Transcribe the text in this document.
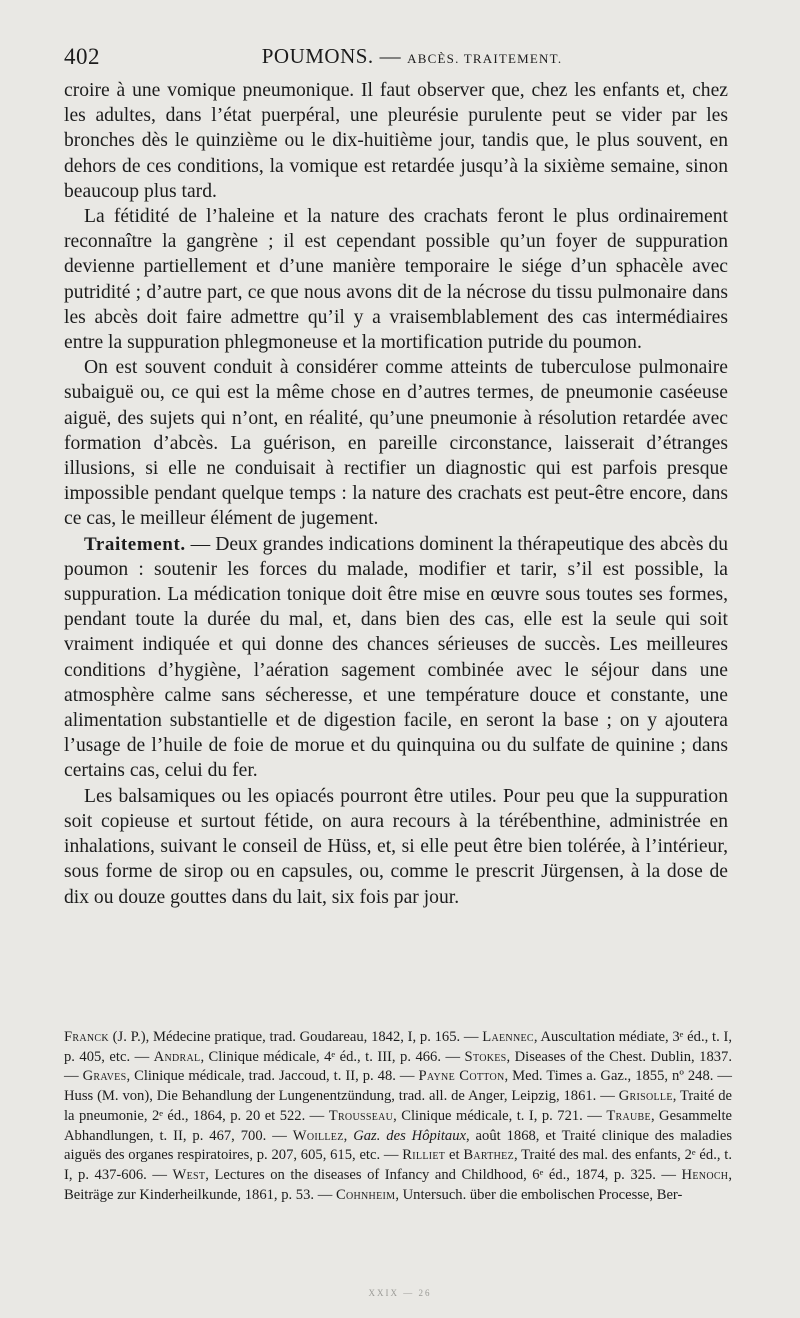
402	POUMONS. — ABCÈS. TRAITEMENT.

croire à une vomique pneumonique. Il faut observer que, chez les enfants et, chez les adultes, dans l’état puerpéral, une pleurésie purulente peut se vider par les bronches dès le quinzième ou le dix-huitième jour, tandis que, le plus souvent, en dehors de ces conditions, la vomique est retardée jusqu’à la sixième semaine, sinon beaucoup plus tard.

La fétidité de l’haleine et la nature des crachats feront le plus ordinairement reconnaître la gangrène ; il est cependant possible qu’un foyer de suppuration devienne partiellement et d’une manière temporaire le siége d’un sphacèle avec putridité ; d’autre part, ce que nous avons dit de la nécrose du tissu pulmonaire dans les abcès doit faire admettre qu’il y a vraisemblablement des cas intermédiaires entre la suppuration phlegmoneuse et la mortification putride du poumon.

On est souvent conduit à considérer comme atteints de tuberculose pulmonaire subaiguë ou, ce qui est la même chose en d’autres termes, de pneumonie caséeuse aiguë, des sujets qui n’ont, en réalité, qu’une pneumonie à résolution retardée avec formation d’abcès. La guérison, en pareille circonstance, laisserait d’étranges illusions, si elle ne conduisait à rectifier un diagnostic qui est parfois presque impossible pendant quelque temps : la nature des crachats est peut-être encore, dans ce cas, le meilleur élément de jugement.

Traitement. — Deux grandes indications dominent la thérapeutique des abcès du poumon : soutenir les forces du malade, modifier et tarir, s’il est possible, la suppuration. La médication tonique doit être mise en œuvre sous toutes ses formes, pendant toute la durée du mal, et, dans bien des cas, elle est la seule qui soit vraiment indiquée et qui donne des chances sérieuses de succès. Les meilleures conditions d’hygiène, l’aération sagement combinée avec le séjour dans une atmosphère calme sans sécheresse, et une température douce et constante, une alimentation substantielle et de digestion facile, en seront la base ; on y ajoutera l’usage de l’huile de foie de morue et du quinquina ou du sulfate de quinine ; dans certains cas, celui du fer.

Les balsamiques ou les opiacés pourront être utiles. Pour peu que la suppuration soit copieuse et surtout fétide, on aura recours à la térébenthine, administrée en inhalations, suivant le conseil de Hüss, et, si elle peut être bien tolérée, à l’intérieur, sous forme de sirop ou en capsules, ou, comme le prescrit Jürgensen, à la dose de dix ou douze gouttes dans du lait, six fois par jour.

Franck (J. P.), Médecine pratique, trad. Goudareau, 1842, I, p. 165. — Laennec, Auscultation médiate, 3ᵉ éd., t. I, p. 405, etc. — Andral, Clinique médicale, 4ᵉ éd., t. III, p. 466. — Stokes, Diseases of the Chest. Dublin, 1837. — Graves, Clinique médicale, trad. Jaccoud, t. II, p. 48. — Payne Cotton, Med. Times a. Gaz., 1855, nº 248. — Huss (M. von), Die Behandlung der Lungenentzündung, trad. all. de Anger, Leipzig, 1861. — Grisolle, Traité de la pneumonie, 2ᵉ éd., 1864, p. 20 et 522. — Trousseau, Clinique médicale, t. I, p. 721. — Traube, Gesammelte Abhandlungen, t. II, p. 467, 700. — Woillez, Gaz. des Hôpitaux, août 1868, et Traité clinique des maladies aiguës des organes respiratoires, p. 207, 605, 615, etc. — Rilliet et Barthez, Traité des mal. des enfants, 2ᵉ éd., t. I, p. 437-606. — West, Lectures on the diseases of Infancy and Childhood, 6ᵉ éd., 1874, p. 325. — Henoch, Beiträge zur Kinderheilkunde, 1861, p. 53. — Cohnheim, Untersuch. über die embolischen Processe, Ber-
XXIX — 26
